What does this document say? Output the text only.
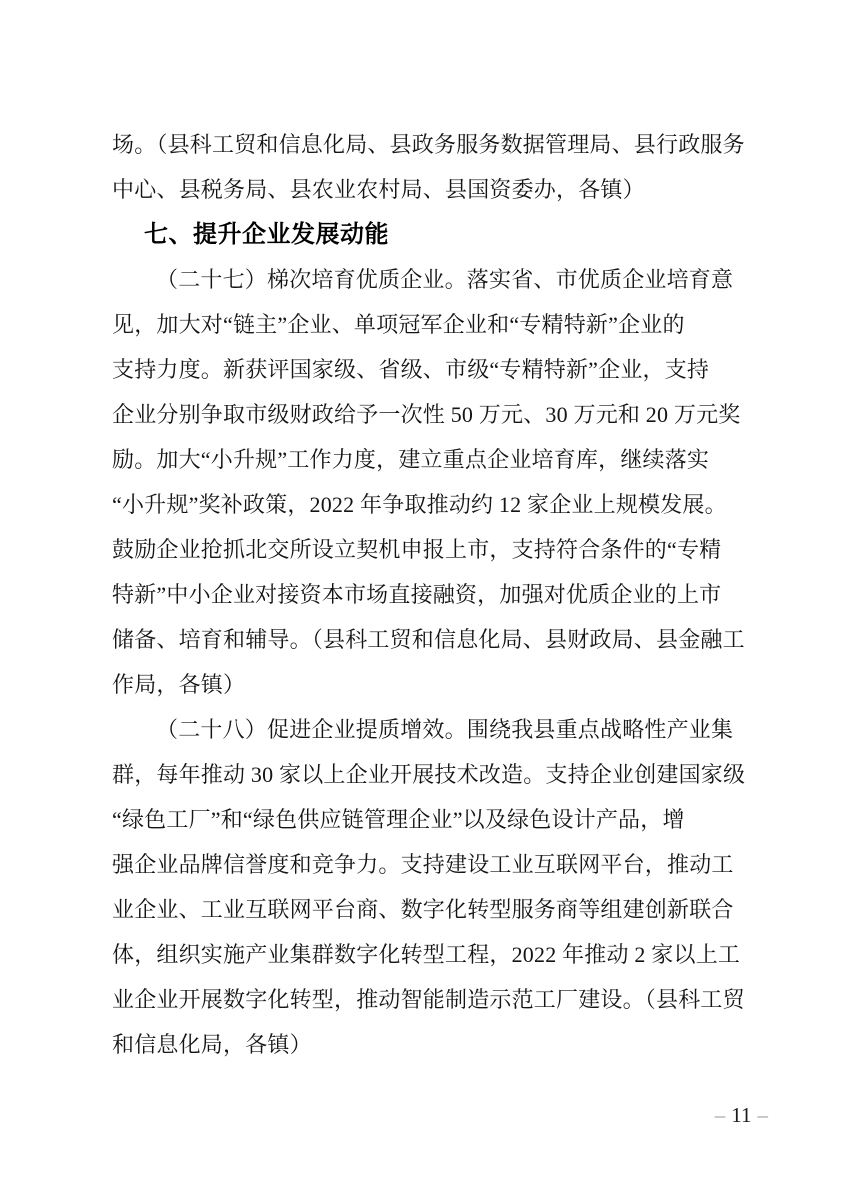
场。（县科工贸和信息化局、县政务服务数据管理局、县行政服务
中心、县税务局、县农业农村局、县国资委办，各镇）
七、提升企业发展动能
（二十七）梯次培育优质企业。落实省、市优质企业培育意
见，加大对“链主”企业、单项冠军企业和“专精特新”企业的
支持力度。新获评国家级、省级、市级“专精特新”企业，支持
企业分别争取市级财政给予一次性 50 万元、30 万元和 20 万元奖
励。加大“小升规”工作力度，建立重点企业培育库，继续落实
“小升规”奖补政策，2022 年争取推动约 12 家企业上规模发展。
鼓励企业抢抓北交所设立契机申报上市，支持符合条件的“专精
特新”中小企业对接资本市场直接融资，加强对优质企业的上市
储备、培育和辅导。（县科工贸和信息化局、县财政局、县金融工
作局，各镇）
（二十八）促进企业提质增效。围绕我县重点战略性产业集
群，每年推动 30 家以上企业开展技术改造。支持企业创建国家级
“绿色工厂”和“绿色供应链管理企业”以及绿色设计产品，增
强企业品牌信誉度和竞争力。支持建设工业互联网平台，推动工
业企业、工业互联网平台商、数字化转型服务商等组建创新联合
体，组织实施产业集群数字化转型工程，2022 年推动 2 家以上工
业企业开展数字化转型，推动智能制造示范工厂建设。（县科工贸
和信息化局，各镇）
– 11 –
